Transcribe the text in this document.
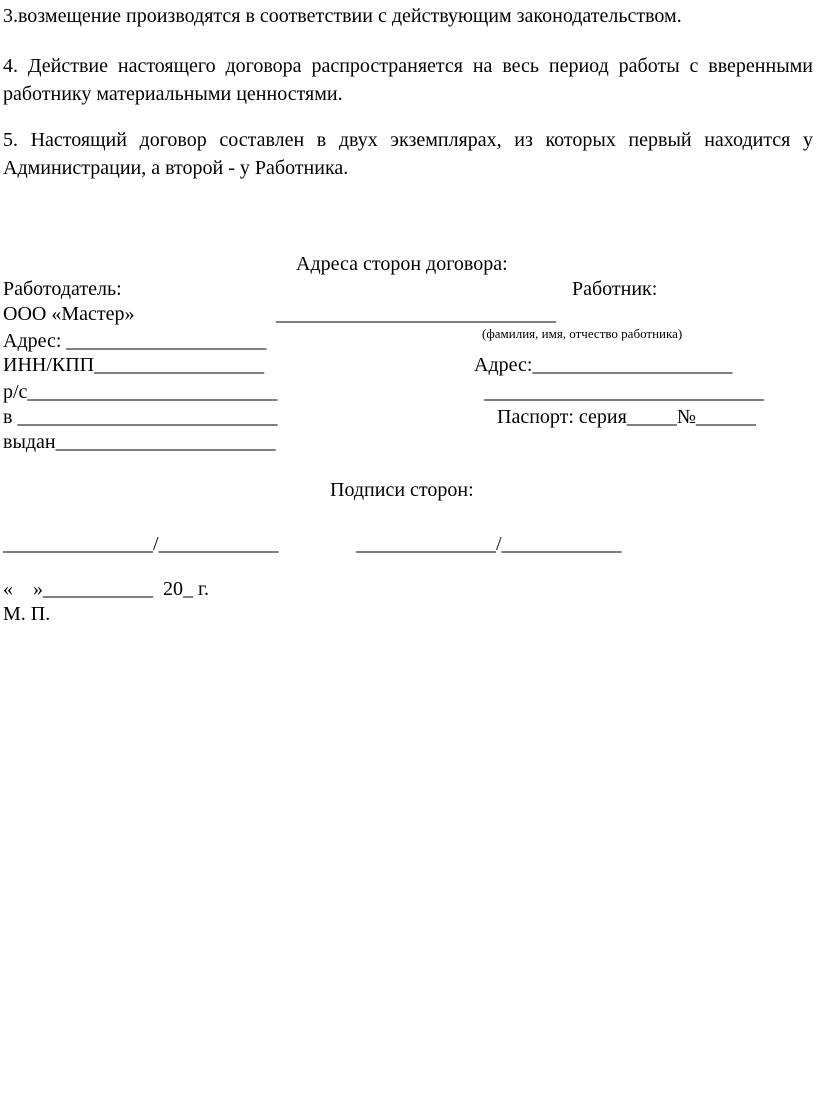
3.возмещение производятся в соответствии с действующим законодательством.
4. Действие настоящего договора распространяется на весь период работы с вверенными работнику материальными ценностями.
5. Настоящий договор составлен в двух экземплярах, из которых первый находится у Администрации, а второй - у Работника.
Адреса сторон договора:
Работодатель:	Работник:
ООО «Мастер»	____________________________
Адрес: ____________________	(фамилия, имя, отчество работника)
ИНН/КПП_________________	Адрес:____________________
р/с_________________________	____________________________
в __________________________	Паспорт: серия_____№______
выдан______________________
Подписи сторон:
_______________/____________	______________/____________
«    »___________  20_ г.
М. П.
